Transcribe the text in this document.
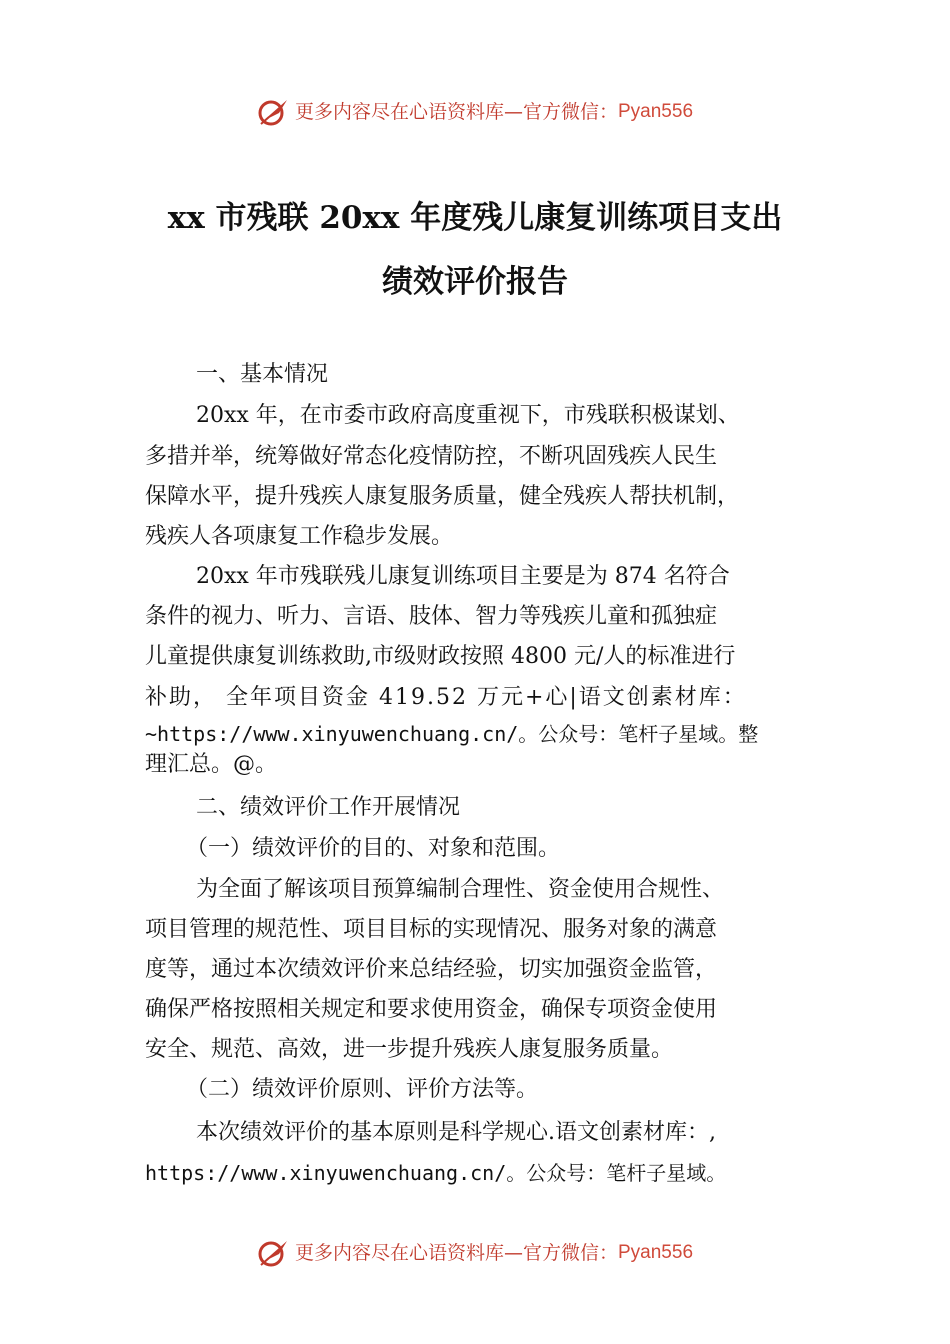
更多内容尽在心语资料库—官方微信：Pyan556
xx 市残联 20xx 年度残儿康复训练项目支出
绩效评价报告
一、基本情况
20xx 年，在市委市政府高度重视下，市残联积极谋划、
多措并举，统筹做好常态化疫情防控，不断巩固残疾人民生
保障水平，提升残疾人康复服务质量，健全残疾人帮扶机制，
残疾人各项康复工作稳步发展。
20xx 年市残联残儿康复训练项目主要是为 874 名符合
条件的视力、听力、言语、肢体、智力等残疾儿童和孤独症
儿童提供康复训练救助,市级财政按照 4800 元/人的标准进行
补助， 全年项目资金 419.52 万元+心|语文创素材库：
~https://www.xinyuwenchuang.cn/。公众号：笔杆子星域。整
理汇总。@。
二、绩效评价工作开展情况
（一）绩效评价的目的、对象和范围。
为全面了解该项目预算编制合理性、资金使用合规性、
项目管理的规范性、项目目标的实现情况、服务对象的满意
度等，通过本次绩效评价来总结经验，切实加强资金监管，
确保严格按照相关规定和要求使用资金，确保专项资金使用
安全、规范、高效，进一步提升残疾人康复服务质量。
（二）绩效评价原则、评价方法等。
本次绩效评价的基本原则是科学规心.语文创素材库：,
https://www.xinyuwenchuang.cn/。公众号：笔杆子星域。
更多内容尽在心语资料库—官方微信：Pyan556
